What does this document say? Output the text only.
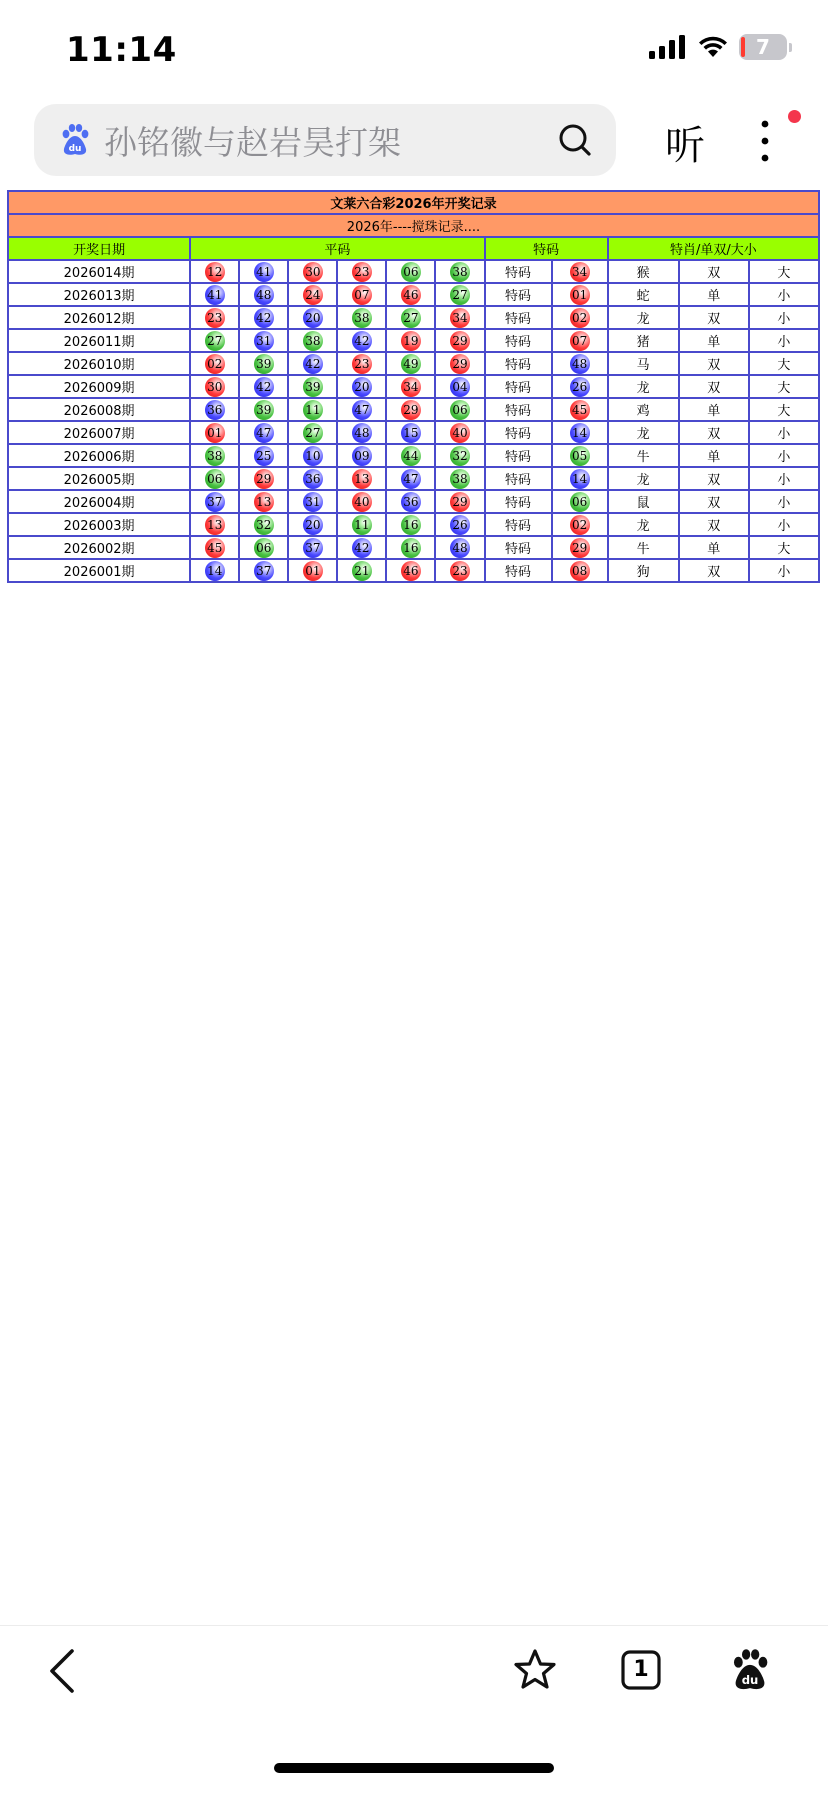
11:14	7
du 孙铭徽与赵岩昊打架	听
文莱六合彩2026年开奖记录											
2026年----搅珠记录....											
开奖日期	平码						特码		特肖/单双/大小		
2026014期	12	41	30	23	06	38	特码	34	猴	双	大
2026013期	41	48	24	07	46	27	特码	01	蛇	单	小
2026012期	23	42	20	38	27	34	特码	02	龙	双	小
2026011期	27	31	38	42	19	29	特码	07	猪	单	小
2026010期	02	39	42	23	49	29	特码	48	马	双	大
2026009期	30	42	39	20	34	04	特码	26	龙	双	大
2026008期	36	39	11	47	29	06	特码	45	鸡	单	大
2026007期	01	47	27	48	15	40	特码	14	龙	双	小
2026006期	38	25	10	09	44	32	特码	05	牛	单	小
2026005期	06	29	36	13	47	38	特码	14	龙	双	小
2026004期	37	13	31	40	36	29	特码	06	鼠	双	小
2026003期	13	32	20	11	16	26	特码	02	龙	双	小
2026002期	45	06	37	42	16	48	特码	29	牛	单	大
2026001期	14	37	01	21	46	23	特码	08	狗	双	小
1	du
